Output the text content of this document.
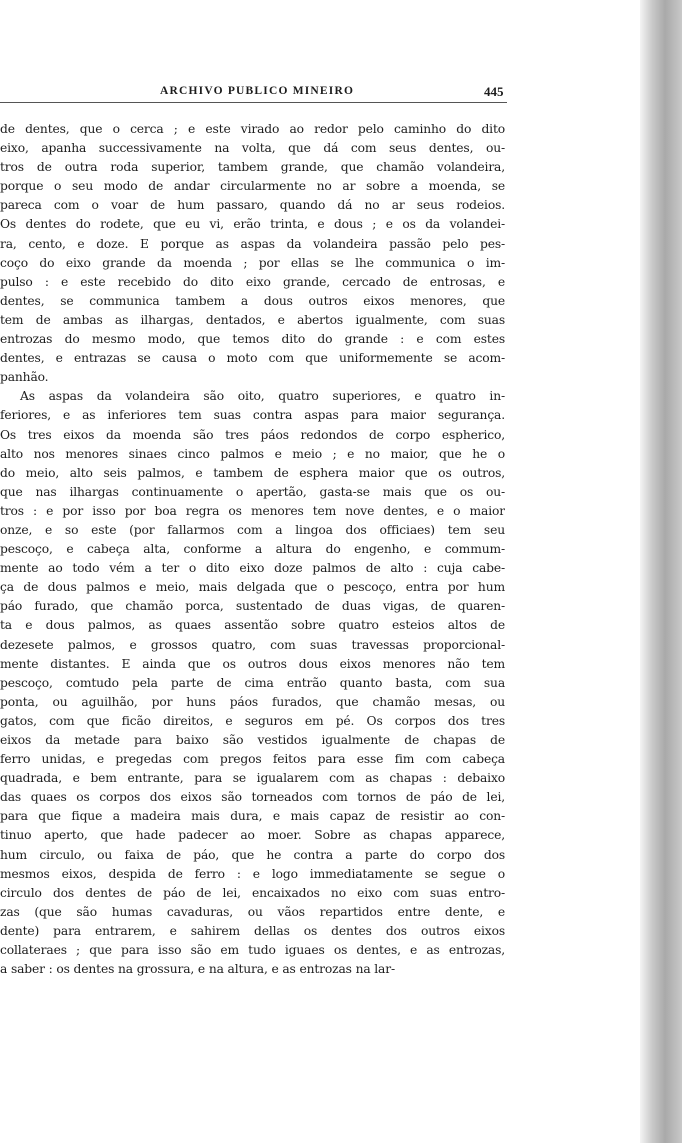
ARCHIVO PUBLICO MINEIRO	445
de dentes, que o cerca ; e este virado ao redor pelo caminho do dito
eixo, apanha successivamente na volta, que dá com seus dentes, ou-
tros de outra roda superior, tambem grande, que chamão volandeira,
porque o seu modo de andar circularmente no ar sobre a moenda, se
pareca com o voar de hum passaro, quando dá no ar seus rodeios.
Os dentes do rodete, que eu vi, erão trinta, e dous ; e os da volandei-
ra, cento, e doze. E porque as aspas da volandeira passão pelo pes-
coço do eixo grande da moenda ; por ellas se lhe communica o im-
pulso : e este recebido do dito eixo grande, cercado de entrosas, e
dentes, se communica tambem a dous outros eixos menores, que
tem de ambas as ilhargas, dentados, e abertos igualmente, com suas
entrozas do mesmo modo, que temos dito do grande : e com estes
dentes, e entrazas se causa o moto com que uniformemente se acom-
panhão.
As aspas da volandeira são oito, quatro superiores, e quatro in-
feriores, e as inferiores tem suas contra aspas para maior segurança.
Os tres eixos da moenda são tres páos redondos de corpo espherico,
alto nos menores sinaes cinco palmos e meio ; e no maior, que he o
do meio, alto seis palmos, e tambem de esphera maior que os outros,
que nas ilhargas continuamente o apertão, gasta-se mais que os ou-
tros : e por isso por boa regra os menores tem nove dentes, e o maior
onze, e so este (por fallarmos com a lingoa dos officiaes) tem seu
pescoço, e cabeça alta, conforme a altura do engenho, e commum-
mente ao todo vém a ter o dito eixo doze palmos de alto : cuja cabe-
ça de dous palmos e meio, mais delgada que o pescoço, entra por hum
páo furado, que chamão porca, sustentado de duas vigas, de quaren-
ta e dous palmos, as quaes assentão sobre quatro esteios altos de
dezesete palmos, e grossos quatro, com suas travessas proporcional-
mente distantes. E ainda que os outros dous eixos menores não tem
pescoço, comtudo pela parte de cima entrão quanto basta, com sua
ponta, ou aguilhão, por huns páos furados, que chamão mesas, ou
gatos, com que ficão direitos, e seguros em pé. Os corpos dos tres
eixos da metade para baixo são vestidos igualmente de chapas de
ferro unidas, e pregedas com pregos feitos para esse fim com cabeça
quadrada, e bem entrante, para se igualarem com as chapas : debaixo
das quaes os corpos dos eixos são torneados com tornos de páo de lei,
para que fique a madeira mais dura, e mais capaz de resistir ao con-
tinuo aperto, que hade padecer ao moer. Sobre as chapas apparece,
hum circulo, ou faixa de páo, que he contra a parte do corpo dos
mesmos eixos, despida de ferro : e logo immediatamente se segue o
circulo dos dentes de páo de lei, encaixados no eixo com suas entro-
zas (que são humas cavaduras, ou vãos repartidos entre dente, e
dente) para entrarem, e sahirem dellas os dentes dos outros eixos
collateraes ; que para isso são em tudo iguaes os dentes, e as entrozas,
a saber : os dentes na grossura, e na altura, e as entrozas na lar-
